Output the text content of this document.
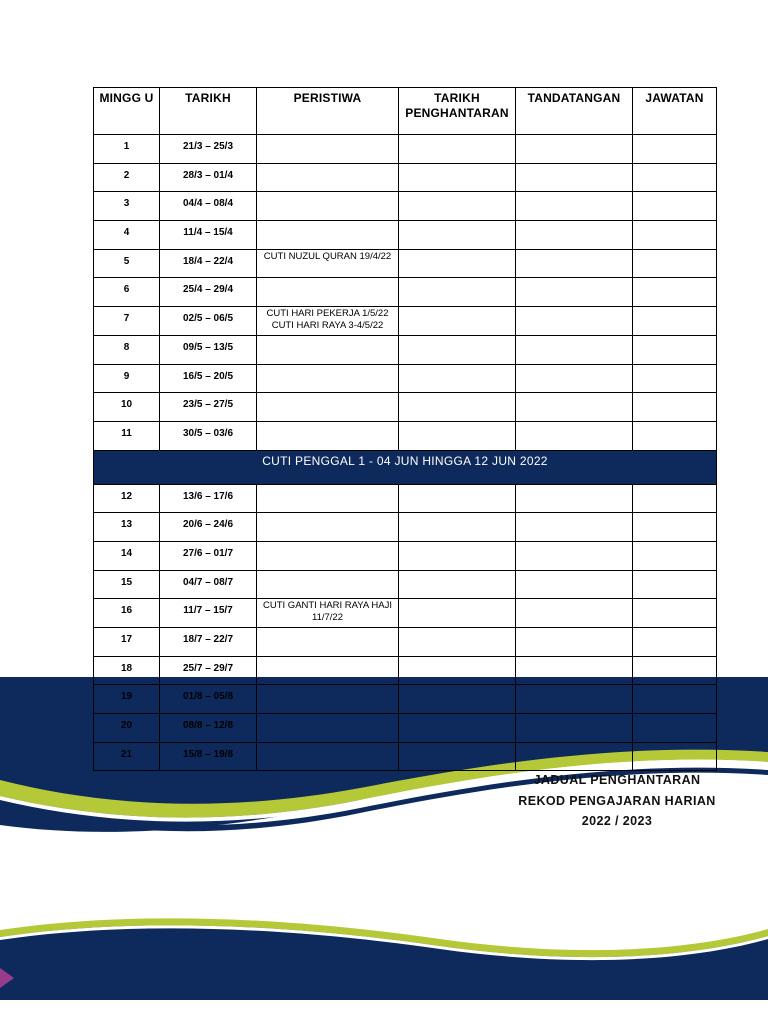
MINGG U	TARIKH	PERISTIWA	TARIKH PENGHANTARAN	TANDATANGAN	JAWATAN
1	21/3 – 25/3				
2	28/3 – 01/4				
3	04/4 – 08/4				
4	11/4 – 15/4				
5	18/4 – 22/4	CUTI NUZUL QURAN 19/4/22			
6	25/4 – 29/4				
7	02/5 – 06/5	CUTI HARI PEKERJA 1/5/22 CUTI HARI RAYA 3-4/5/22			
8	09/5 – 13/5				
9	16/5 – 20/5				
10	23/5 – 27/5				
11	30/5 – 03/6				
CUTI PENGGAL 1 - 04 JUN HINGGA 12 JUN 2022					
12	13/6 – 17/6				
13	20/6 – 24/6				
14	27/6 – 01/7				
15	04/7 – 08/7				
16	11/7 – 15/7	CUTI GANTI HARI RAYA HAJI 11/7/22			
17	18/7 – 22/7				
18	25/7 – 29/7				
19	01/8 – 05/8				
20	08/8 – 12/8				
21	15/8 – 19/8				
JADUAL PENGHANTARAN
REKOD PENGAJARAN HARIAN
2022 / 2023
